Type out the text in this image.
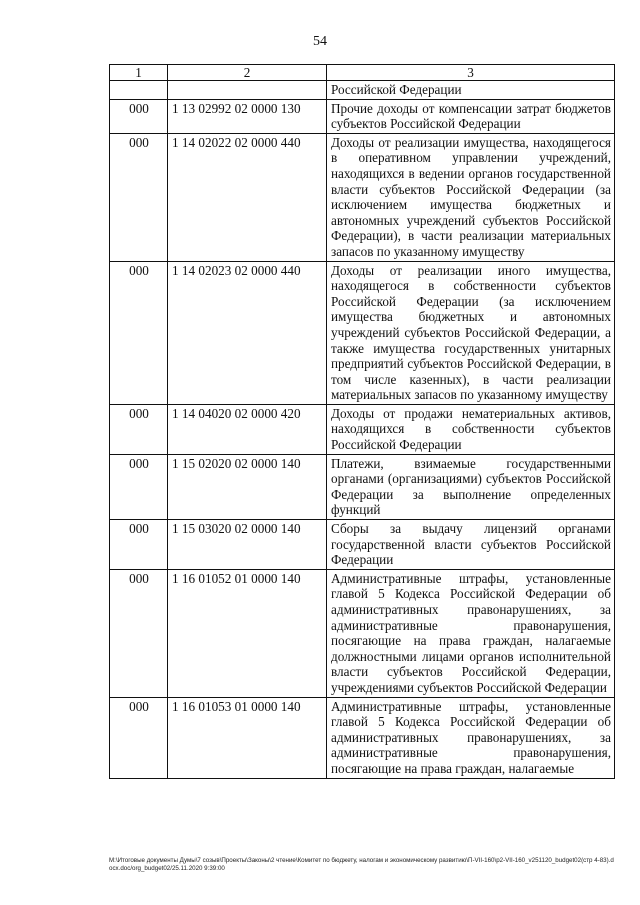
54
1	2	3
		Российской Федерации
000	1 13 02992 02 0000 130	Прочие доходы от компенсации затрат бюджетов субъектов Российской Федерации
000	1 14 02022 02 0000 440	Доходы от реализации имущества, находящегося в оперативном управлении учреждений, находящихся в ведении органов государственной власти субъектов Российской Федерации (за исключением имущества бюджетных и автономных учреждений субъектов Российской Федерации), в части реализации материальных запасов по указанному имуществу
000	1 14 02023 02 0000 440	Доходы от реализации иного имущества, находящегося в собственности субъектов Российской Федерации (за исключением имущества бюджетных и автономных учреждений субъектов Российской Федерации, а также имущества государственных унитарных предприятий субъектов Российской Федерации, в том числе казенных), в части реализации материальных запасов по указанному имуществу
000	1 14 04020 02 0000 420	Доходы от продажи нематериальных активов, находящихся в собственности субъектов Российской Федерации
000	1 15 02020 02 0000 140	Платежи, взимаемые государственными органами (организациями) субъектов Российской Федерации за выполнение определенных функций
000	1 15 03020 02 0000 140	Сборы за выдачу лицензий органами государственной власти субъектов Российской Федерации
000	1 16 01052 01 0000 140	Административные штрафы, установленные главой 5 Кодекса Российской Федерации об административных правонарушениях, за административные правонарушения, посягающие на права граждан, налагаемые должностными лицами органов исполнительной власти субъектов Российской Федерации, учреждениями субъектов Российской Федерации
000	1 16 01053 01 0000 140	Административные штрафы, установленные главой 5 Кодекса Российской Федерации об административных правонарушениях, за административные правонарушения, посягающие на права граждан, налагаемые
M:\Итоговые документы Думы\7 созыв\Проекты\Законы\2 чтение\Комитет по бюджету, налогам и экономическому развитию\П-VII-160\р2-VII-160_v251120_budget02(стр 4-83).docx.doc/org_budget02/25.11.2020 9:39:00
